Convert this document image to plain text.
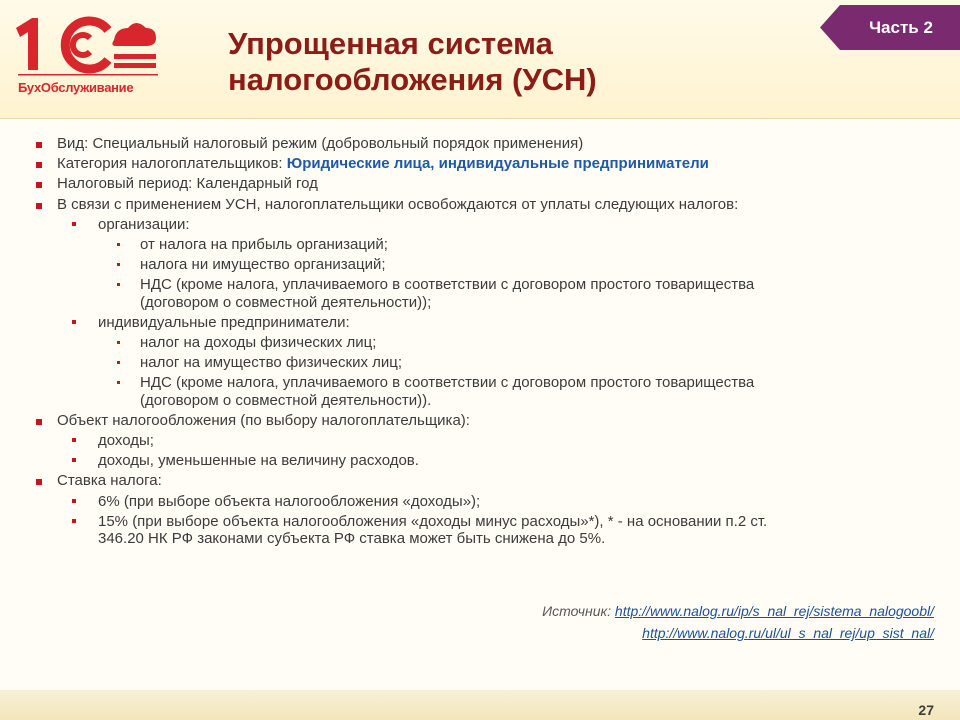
БухОбслуживание
Упрощенная система
налогообложения (УСН)
Часть 2
Вид: Специальный налоговый режим (добровольный порядок применения)
Категория налогоплательщиков: Юридические лица, индивидуальные предприниматели
Налоговый период: Календарный год
В связи с применением УСН, налогоплательщики освобождаются от уплаты следующих налогов:
организации:
от налога на прибыль организаций;
налога ни имущество организаций;
НДС (кроме налога, уплачиваемого в соответствии с договором простого товарищества
(договором о совместной деятельности));
индивидуальные предприниматели:
налог на доходы физических лиц;
налог на имущество физических лиц;
НДС (кроме налога, уплачиваемого в соответствии с договором простого товарищества
(договором о совместной деятельности)).
Объект налогообложения (по выбору налогоплательщика):
доходы;
доходы, уменьшенные на величину расходов.
Ставка налога:
6% (при выборе объекта налогообложения «доходы»);
15% (при выборе объекта налогообложения «доходы минус расходы»*), * - на основании п.2 ст.
346.20 НК РФ законами субъекта РФ ставка может быть снижена до 5%.
Источник: http://www.nalog.ru/ip/s_nal_rej/sistema_nalogoobl/
http://www.nalog.ru/ul/ul_s_nal_rej/up_sist_nal/
27
